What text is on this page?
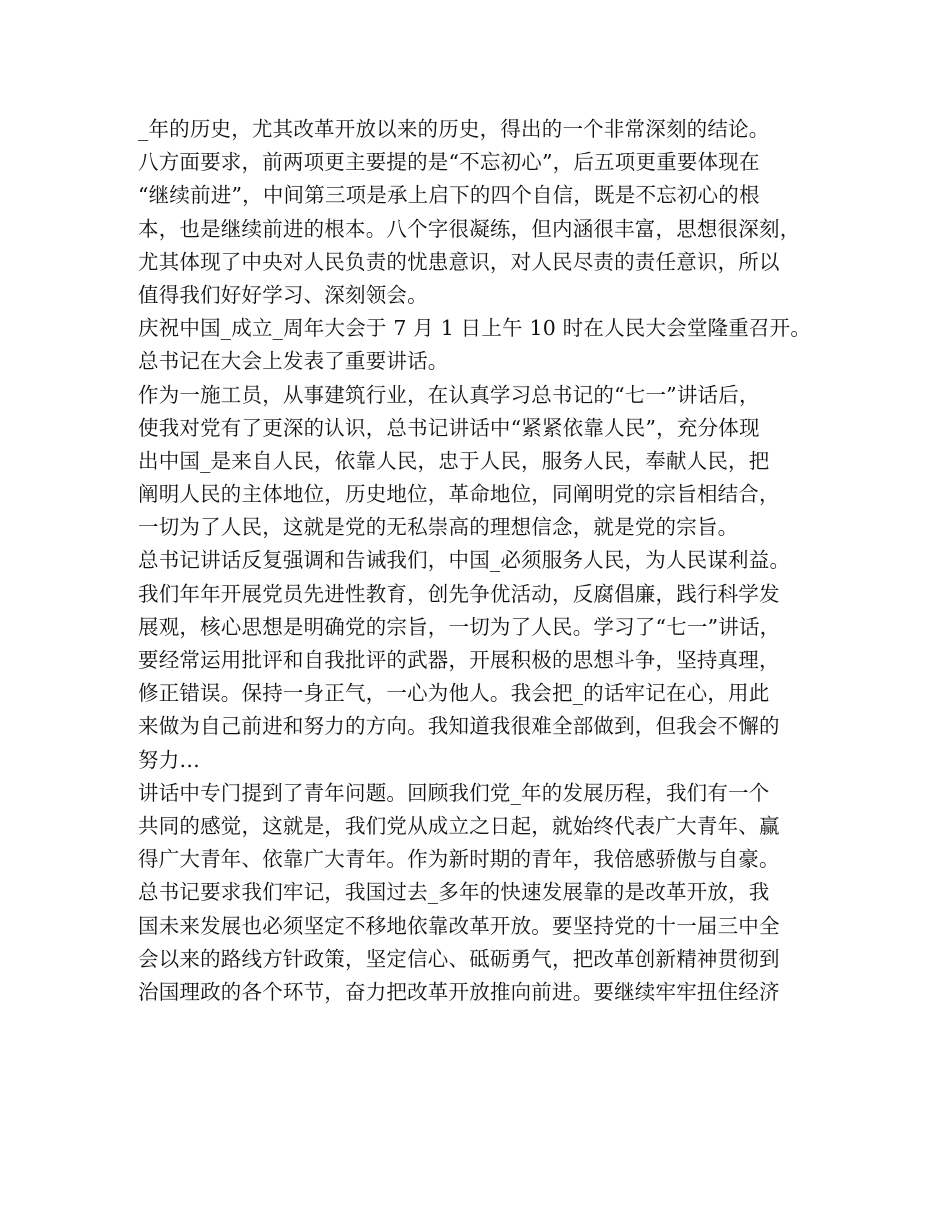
_年的历史，尤其改革开放以来的历史，得出的一个非常深刻的结论。
八方面要求，前两项更主要提的是“不忘初心”，后五项更重要体现在
“继续前进”，中间第三项是承上启下的四个自信，既是不忘初心的根
本，也是继续前进的根本。八个字很凝练，但内涵很丰富，思想很深刻，
尤其体现了中央对人民负责的忧患意识，对人民尽责的责任意识，所以
值得我们好好学习、深刻领会。
庆祝中国_成立_周年大会于 7 月 1 日上午 10 时在人民大会堂隆重召开。
总书记在大会上发表了重要讲话。
作为一施工员，从事建筑行业，在认真学习总书记的“七一”讲话后，
使我对党有了更深的认识，总书记讲话中“紧紧依靠人民”，充分体现
出中国_是来自人民，依靠人民，忠于人民，服务人民，奉献人民，把
阐明人民的主体地位，历史地位，革命地位，同阐明党的宗旨相结合，
一切为了人民，这就是党的无私崇高的理想信念，就是党的宗旨。
总书记讲话反复强调和告诫我们，中国_必须服务人民，为人民谋利益。
我们年年开展党员先进性教育，创先争优活动，反腐倡廉，践行科学发
展观，核心思想是明确党的宗旨，一切为了人民。学习了“七一”讲话，
要经常运用批评和自我批评的武器，开展积极的思想斗争，坚持真理，
修正错误。保持一身正气，一心为他人。我会把_的话牢记在心，用此
来做为自己前进和努力的方向。我知道我很难全部做到，但我会不懈的
努力…
讲话中专门提到了青年问题。回顾我们党_年的发展历程，我们有一个
共同的感觉，这就是，我们党从成立之日起，就始终代表广大青年、赢
得广大青年、依靠广大青年。作为新时期的青年，我倍感骄傲与自豪。
总书记要求我们牢记，我国过去_多年的快速发展靠的是改革开放，我
国未来发展也必须坚定不移地依靠改革开放。要坚持党的十一届三中全
会以来的路线方针政策，坚定信心、砥砺勇气，把改革创新精神贯彻到
治国理政的各个环节，奋力把改革开放推向前进。要继续牢牢扭住经济
